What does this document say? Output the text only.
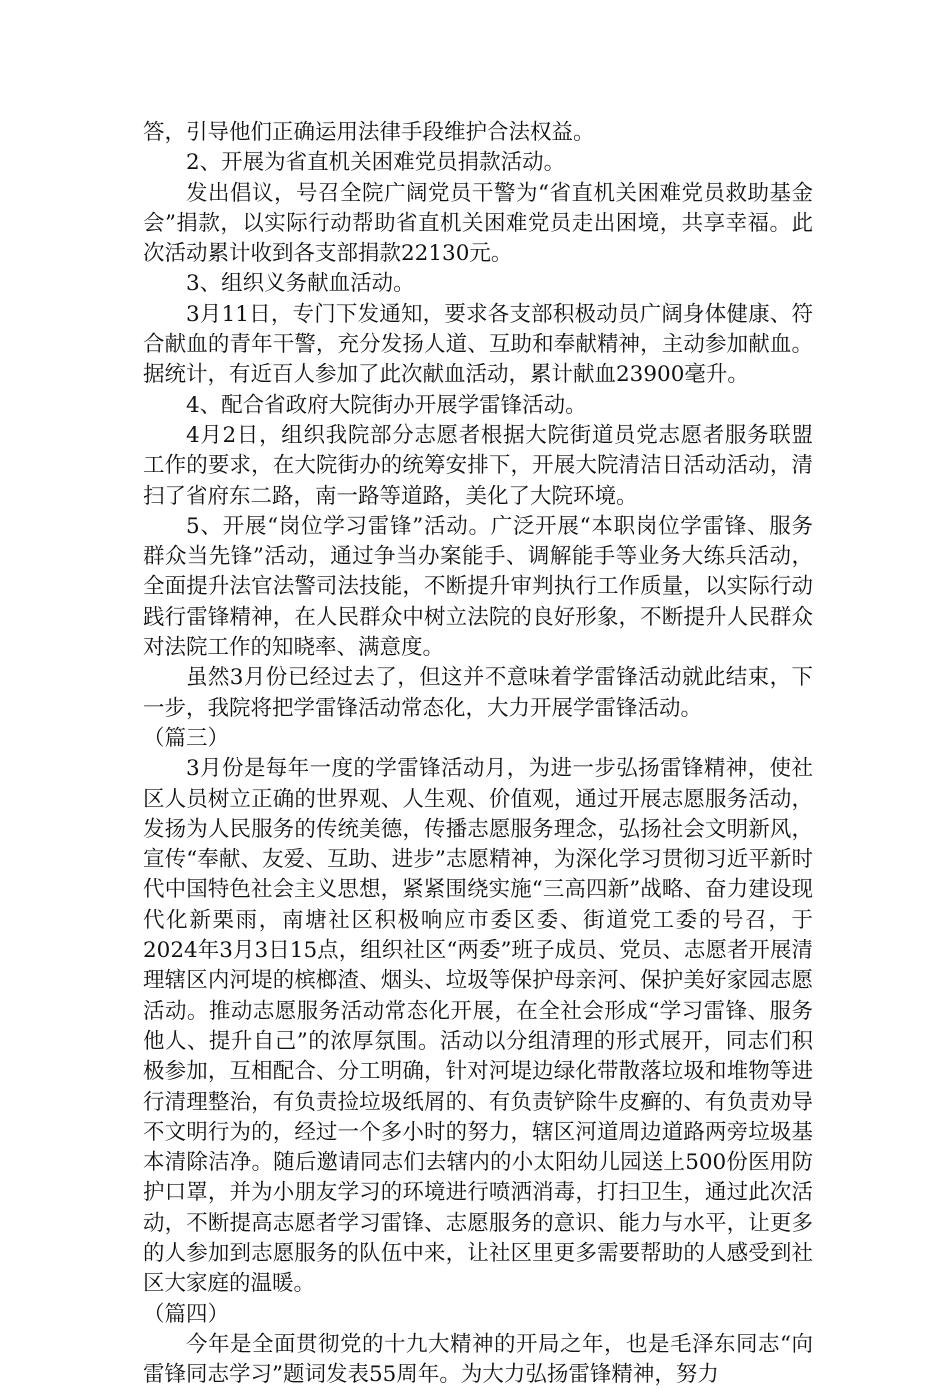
答，引导他们正确运用法律手段维护合法权益。

2、开展为省直机关困难党员捐款活动。

发出倡议，号召全院广阔党员干警为“省直机关困难党员救助基金会”捐款，以实际行动帮助省直机关困难党员走出困境，共享幸福。此次活动累计收到各支部捐款22130元。

3、组织义务献血活动。

3月11日，专门下发通知，要求各支部积极动员广阔身体健康、符合献血的青年干警，充分发扬人道、互助和奉献精神，主动参加献血。据统计，有近百人参加了此次献血活动，累计献血23900毫升。

4、配合省政府大院街办开展学雷锋活动。

4月2日，组织我院部分志愿者根据大院街道员党志愿者服务联盟工作的要求，在大院街办的统筹安排下，开展大院清洁日活动活动，清扫了省府东二路，南一路等道路，美化了大院环境。

5、开展“岗位学习雷锋”活动。广泛开展“本职岗位学雷锋、服务群众当先锋”活动，通过争当办案能手、调解能手等业务大练兵活动，全面提升法官法警司法技能，不断提升审判执行工作质量，以实际行动践行雷锋精神，在人民群众中树立法院的良好形象，不断提升人民群众对法院工作的知晓率、满意度。

虽然3月份已经过去了，但这并不意味着学雷锋活动就此结束，下一步，我院将把学雷锋活动常态化，大力开展学雷锋活动。

（篇三）

3月份是每年一度的学雷锋活动月，为进一步弘扬雷锋精神，使社区人员树立正确的世界观、人生观、价值观，通过开展志愿服务活动，发扬为人民服务的传统美德，传播志愿服务理念，弘扬社会文明新风，宣传“奉献、友爱、互助、进步”志愿精神，为深化学习贯彻习近平新时代中国特色社会主义思想，紧紧围绕实施“三高四新”战略、奋力建设现代化新栗雨，南塘社区积极响应市委区委、街道党工委的号召，于2024年3月3日15点，组织社区“两委”班子成员、党员、志愿者开展清理辖区内河堤的槟榔渣、烟头、垃圾等保护母亲河、保护美好家园志愿活动。推动志愿服务活动常态化开展，在全社会形成“学习雷锋、服务他人、提升自己”的浓厚氛围。活动以分组清理的形式展开，同志们积极参加，互相配合、分工明确，针对河堤边绿化带散落垃圾和堆物等进行清理整治，有负责捡垃圾纸屑的、有负责铲除牛皮癣的、有负责劝导不文明行为的，经过一个多小时的努力，辖区河道周边道路两旁垃圾基本清除洁净。随后邀请同志们去辖内的小太阳幼儿园送上500份医用防护口罩，并为小朋友学习的环境进行喷洒消毒，打扫卫生，通过此次活动，不断提高志愿者学习雷锋、志愿服务的意识、能力与水平，让更多的人参加到志愿服务的队伍中来，让社区里更多需要帮助的人感受到社区大家庭的温暖。

（篇四）

今年是全面贯彻党的十九大精神的开局之年，也是毛泽东同志“向雷锋同志学习”题词发表55周年。为大力弘扬雷锋精神，努力
